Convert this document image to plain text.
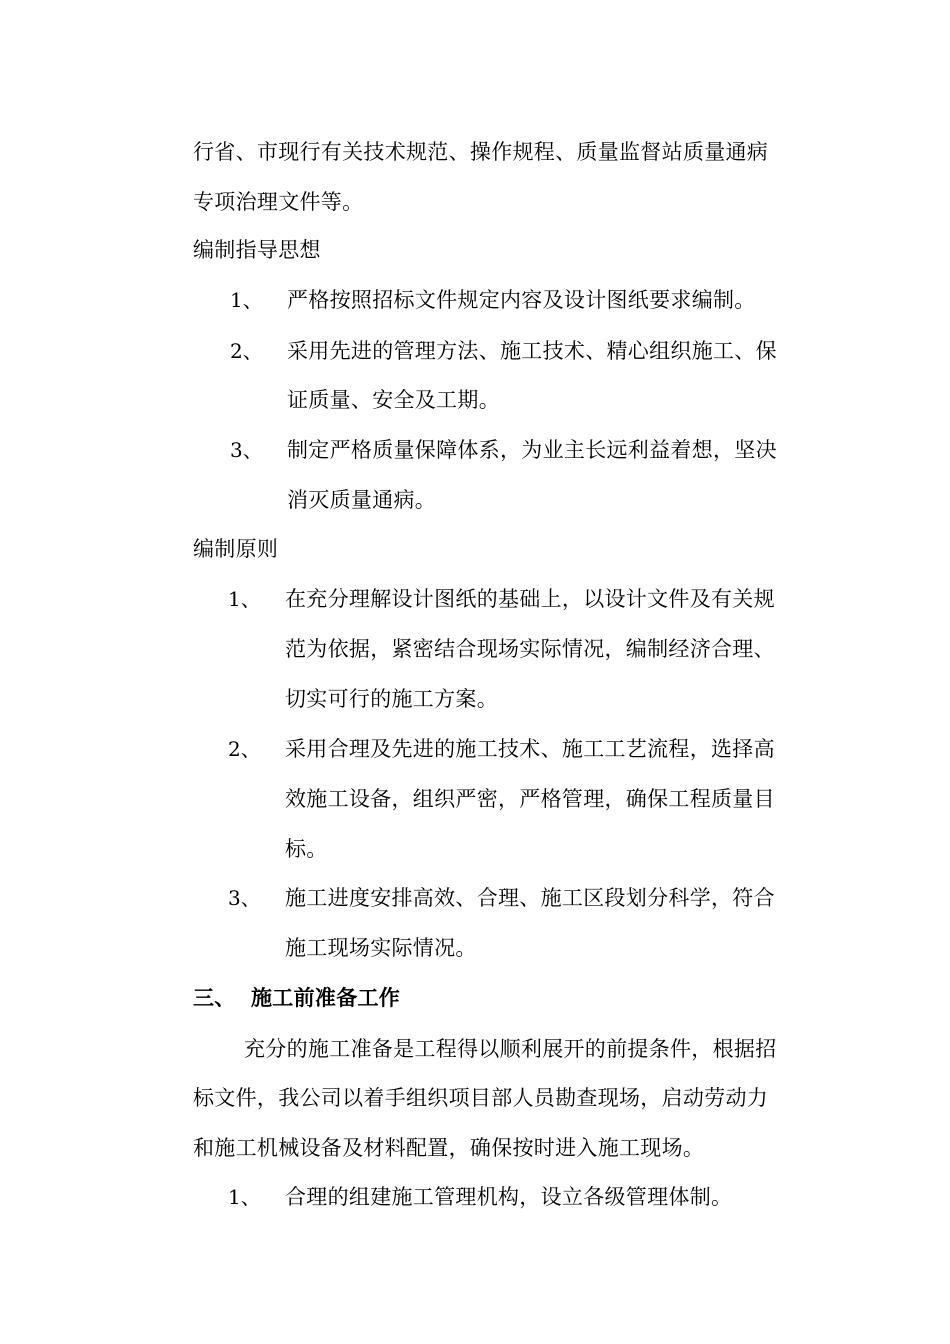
行省、市现行有关技术规范、操作规程、质量监督站质量通病
专项治理文件等。
编制指导思想
1、 严格按照招标文件规定内容及设计图纸要求编制。
2、 采用先进的管理方法、施工技术、精心组织施工、保
证质量、安全及工期。
3、 制定严格质量保障体系，为业主长远利益着想，坚决
消灭质量通病。
编制原则
1、 在充分理解设计图纸的基础上，以设计文件及有关规
范为依据，紧密结合现场实际情况，编制经济合理、
切实可行的施工方案。
2、 采用合理及先进的施工技术、施工工艺流程，选择高
效施工设备，组织严密，严格管理，确保工程质量目
标。
3、 施工进度安排高效、合理、施工区段划分科学，符合
施工现场实际情况。
三、 施工前准备工作
充分的施工准备是工程得以顺利展开的前提条件，根据招
标文件，我公司以着手组织项目部人员勘查现场，启动劳动力
和施工机械设备及材料配置，确保按时进入施工现场。
1、 合理的组建施工管理机构，设立各级管理体制。
